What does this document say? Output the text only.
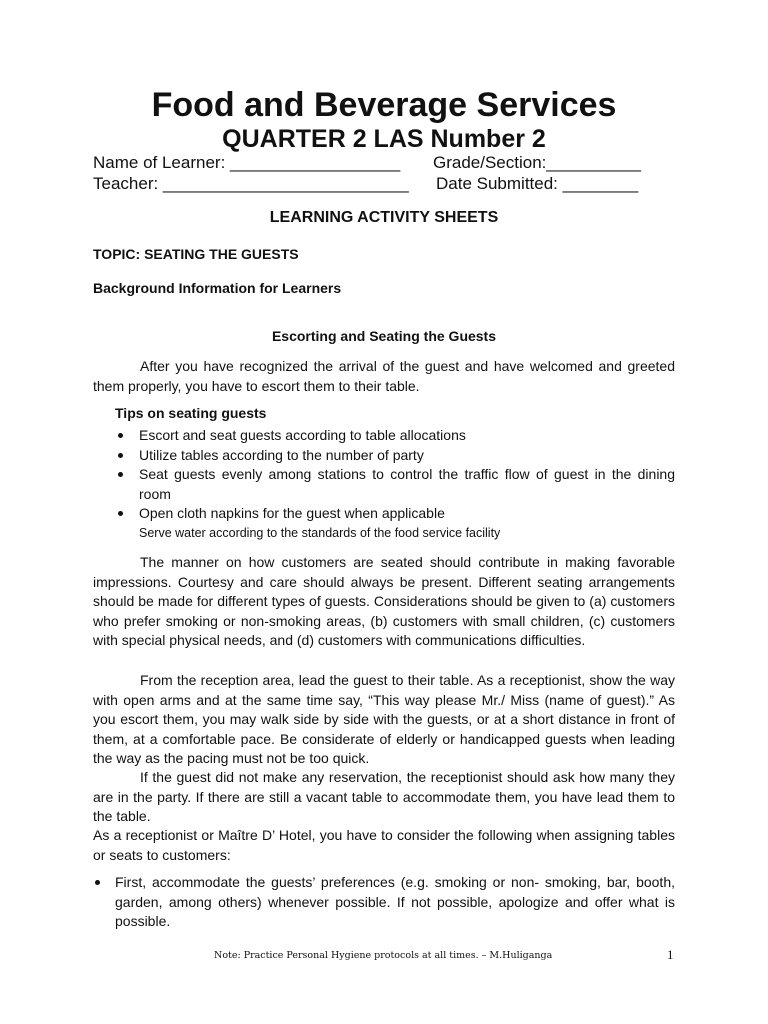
Food and Beverage Services
QUARTER 2 LAS Number 2
Name of Learner: __________________ Grade/Section:__________
Teacher: __________________________ Date Submitted: ________
LEARNING ACTIVITY SHEETS
TOPIC: SEATING THE GUESTS
Background Information for Learners
Escorting and Seating the Guests

After you have recognized the arrival of the guest and have welcomed and greeted them properly, you have to escort them to their table.

Tips on seating guests
Escort and seat guests according to table allocations
Utilize tables according to the number of party
Seat guests evenly among stations to control the traffic flow of guest in the dining room
Open cloth napkins for the guest when applicable
Serve water according to the standards of the food service facility

The manner on how customers are seated should contribute in making favorable impressions. Courtesy and care should always be present. Different seating arrangements should be made for different types of guests. Considerations should be given to (a) customers who prefer smoking or non-smoking areas, (b) customers with small children, (c) customers with special physical needs, and (d) customers with communications difficulties.

From the reception area, lead the guest to their table. As a receptionist, show the way with open arms and at the same time say, “This way please Mr./ Miss (name of guest).” As you escort them, you may walk side by side with the guests, or at a short distance in front of them, at a comfortable pace. Be considerate of elderly or handicapped guests when leading the way as the pacing must not be too quick.

If the guest did not make any reservation, the receptionist should ask how many they are in the party. If there are still a vacant table to accommodate them, you have lead them to the table.

As a receptionist or Maître D’ Hotel, you have to consider the following when assigning tables or seats to customers:

First, accommodate the guests’ preferences (e.g. smoking or non- smoking, bar, booth, garden, among others) whenever possible. If not possible, apologize and offer what is possible.
Note: Practice Personal Hygiene protocols at all times. – M.Huliganga	1
